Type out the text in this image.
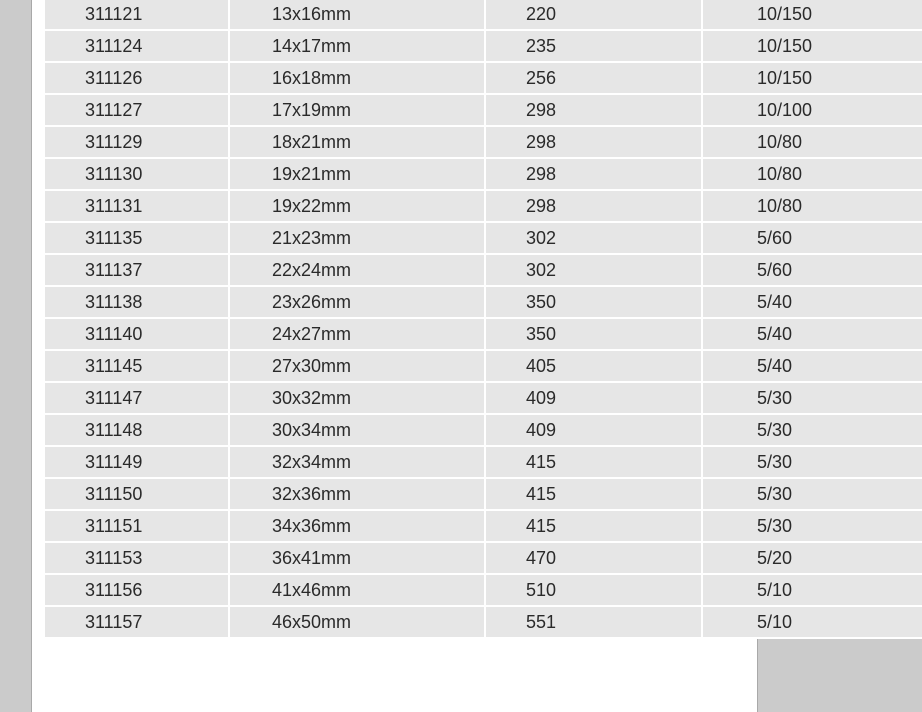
311121	13x16mm	220	10/150
311124	14x17mm	235	10/150
311126	16x18mm	256	10/150
311127	17x19mm	298	10/100
311129	18x21mm	298	10/80
311130	19x21mm	298	10/80
311131	19x22mm	298	10/80
311135	21x23mm	302	5/60
311137	22x24mm	302	5/60
311138	23x26mm	350	5/40
311140	24x27mm	350	5/40
311145	27x30mm	405	5/40
311147	30x32mm	409	5/30
311148	30x34mm	409	5/30
311149	32x34mm	415	5/30
311150	32x36mm	415	5/30
311151	34x36mm	415	5/30
311153	36x41mm	470	5/20
311156	41x46mm	510	5/10
311157	46x50mm	551	5/10
